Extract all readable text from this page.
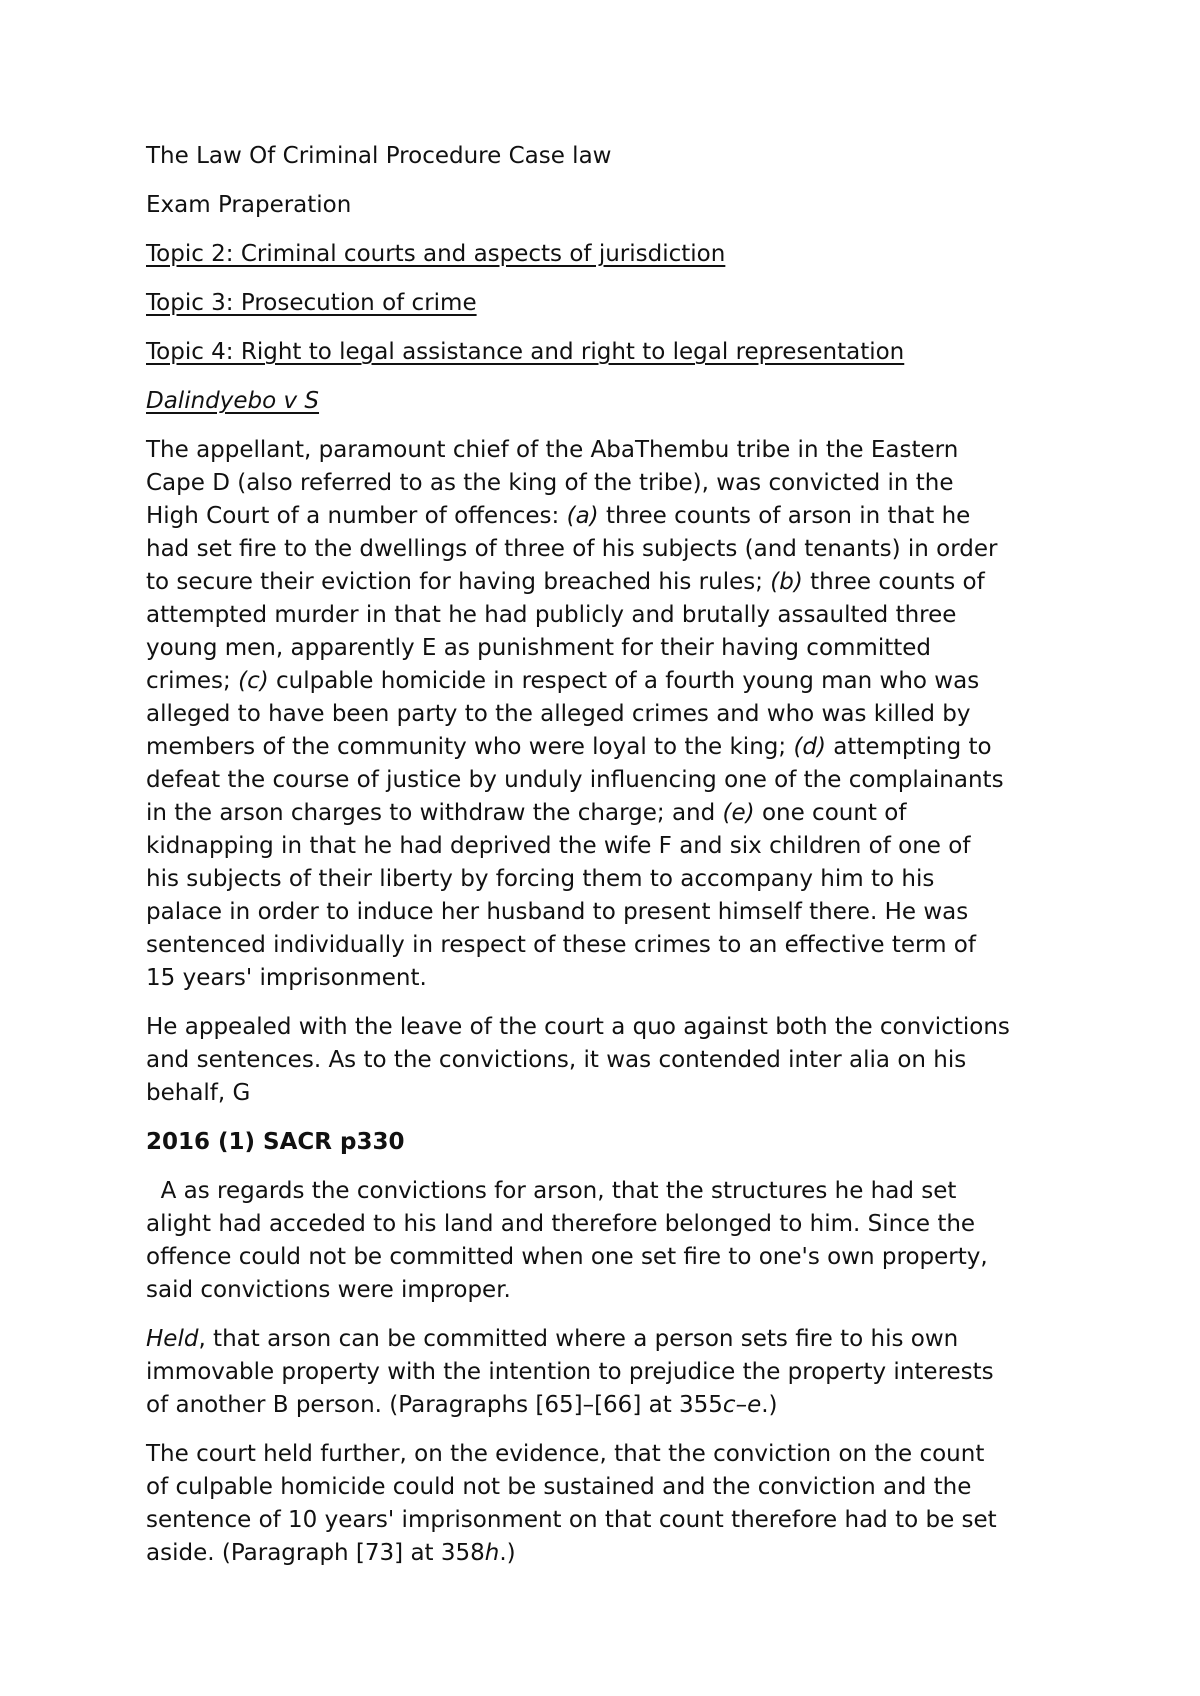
The Law Of Criminal Procedure Case law

Exam Praperation

Topic 2: Criminal courts and aspects of jurisdiction

Topic 3: Prosecution of crime

Topic 4: Right to legal assistance and right to legal representation

Dalindyebo v S

The appellant, paramount chief of the AbaThembu tribe in the Eastern
Cape D (also referred to as the king of the tribe), was convicted in the
High Court of a number of offences: (a) three counts of arson in that he
had set fire to the dwellings of three of his subjects (and tenants) in order
to secure their eviction for having breached his rules; (b) three counts of
attempted murder in that he had publicly and brutally assaulted three
young men, apparently E as punishment for their having committed
crimes; (c) culpable homicide in respect of a fourth young man who was
alleged to have been party to the alleged crimes and who was killed by
members of the community who were loyal to the king; (d) attempting to
defeat the course of justice by unduly influencing one of the complainants
in the arson charges to withdraw the charge; and (e) one count of
kidnapping in that he had deprived the wife F and six children of one of
his subjects of their liberty by forcing them to accompany him to his
palace in order to induce her husband to present himself there. He was
sentenced individually in respect of these crimes to an effective term of
15 years' imprisonment.
He appealed with the leave of the court a quo against both the convictions
and sentences. As to the convictions, it was contended inter alia on his
behalf, G

2016 (1) SACR p330

A as regards the convictions for arson, that the structures he had set
alight had acceded to his land and therefore belonged to him. Since the
offence could not be committed when one set fire to one's own property,
said convictions were improper.
Held, that arson can be committed where a person sets fire to his own
immovable property with the intention to prejudice the property interests
of another B person. (Paragraphs [65]–[66] at 355c–e.)
The court held further, on the evidence, that the conviction on the count
of culpable homicide could not be sustained and the conviction and the
sentence of 10 years' imprisonment on that count therefore had to be set
aside. (Paragraph [73] at 358h.)
